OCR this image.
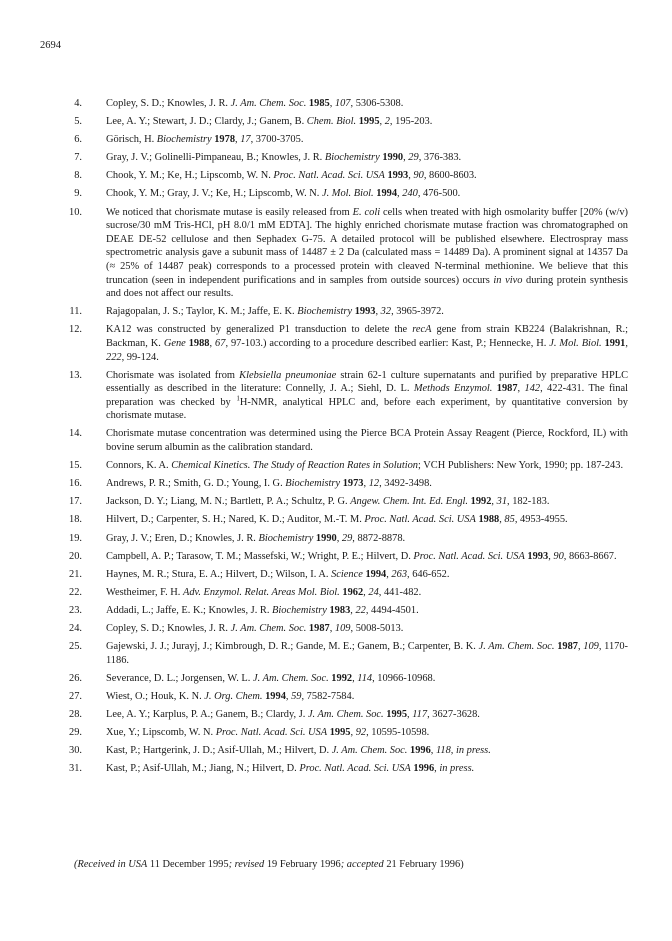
2694
4. Copley, S. D.; Knowles, J. R. J. Am. Chem. Soc. 1985, 107, 5306-5308.
5. Lee, A. Y.; Stewart, J. D.; Clardy, J.; Ganem, B. Chem. Biol. 1995, 2, 195-203.
6. Görisch, H. Biochemistry 1978, 17, 3700-3705.
7. Gray, J. V.; Golinelli-Pimpaneau, B.; Knowles, J. R. Biochemistry 1990, 29, 376-383.
8. Chook, Y. M.; Ke, H.; Lipscomb, W. N. Proc. Natl. Acad. Sci. USA 1993, 90, 8600-8603.
9. Chook, Y. M.; Gray, J. V.; Ke, H.; Lipscomb, W. N. J. Mol. Biol. 1994, 240, 476-500.
10. We noticed that chorismate mutase is easily released from E. coli cells when treated with high osmolarity buffer [20% (w/v) sucrose/30 mM Tris-HCl, pH 8.0/1 mM EDTA]. The highly enriched chorismate mutase fraction was chromatographed on DEAE DE-52 cellulose and then Sephadex G-75. A detailed protocol will be published elsewhere. Electrospray mass spectrometric analysis gave a subunit mass of 14487 ± 2 Da (calculated mass = 14489 Da). A prominent signal at 14357 Da (≈ 25% of 14487 peak) corresponds to a processed protein with cleaved N-terminal methionine. We believe that this truncation (seen in independent purifications and in samples from outside sources) occurs in vivo during protein synthesis and does not affect our results.
11. Rajagopalan, J. S.; Taylor, K. M.; Jaffe, E. K. Biochemistry 1993, 32, 3965-3972.
12. KA12 was constructed by generalized P1 transduction to delete the recA gene from strain KB224 (Balakrishnan, R.; Backman, K. Gene 1988, 67, 97-103.) according to a procedure described earlier: Kast, P.; Hennecke, H. J. Mol. Biol. 1991, 222, 99-124.
13. Chorismate was isolated from Klebsiella pneumoniae strain 62-1 culture supernatants and purified by preparative HPLC essentially as described in the literature: Connelly, J. A.; Siehl, D. L. Methods Enzymol. 1987, 142, 422-431. The final preparation was checked by $^1$H-NMR, analytical HPLC and, before each experiment, by quantitative conversion by chorismate mutase.
14. Chorismate mutase concentration was determined using the Pierce BCA Protein Assay Reagent (Pierce, Rockford, IL) with bovine serum albumin as the calibration standard.
15. Connors, K. A. Chemical Kinetics. The Study of Reaction Rates in Solution; VCH Publishers: New York, 1990; pp. 187-243.
16. Andrews, P. R.; Smith, G. D.; Young, I. G. Biochemistry 1973, 12, 3492-3498.
17. Jackson, D. Y.; Liang, M. N.; Bartlett, P. A.; Schultz, P. G. Angew. Chem. Int. Ed. Engl. 1992, 31, 182-183.
18. Hilvert, D.; Carpenter, S. H.; Nared, K. D.; Auditor, M.-T. M. Proc. Natl. Acad. Sci. USA 1988, 85, 4953-4955.
19. Gray, J. V.; Eren, D.; Knowles, J. R. Biochemistry 1990, 29, 8872-8878.
20. Campbell, A. P.; Tarasow, T. M.; Massefski, W.; Wright, P. E.; Hilvert, D. Proc. Natl. Acad. Sci. USA 1993, 90, 8663-8667.
21. Haynes, M. R.; Stura, E. A.; Hilvert, D.; Wilson, I. A. Science 1994, 263, 646-652.
22. Westheimer, F. H. Adv. Enzymol. Relat. Areas Mol. Biol. 1962, 24, 441-482.
23. Addadi, L.; Jaffe, E. K.; Knowles, J. R. Biochemistry 1983, 22, 4494-4501.
24. Copley, S. D.; Knowles, J. R. J. Am. Chem. Soc. 1987, 109, 5008-5013.
25. Gajewski, J. J.; Jurayj, J.; Kimbrough, D. R.; Gande, M. E.; Ganem, B.; Carpenter, B. K. J. Am. Chem. Soc. 1987, 109, 1170-1186.
26. Severance, D. L.; Jorgensen, W. L. J. Am. Chem. Soc. 1992, 114, 10966-10968.
27. Wiest, O.; Houk, K. N. J. Org. Chem. 1994, 59, 7582-7584.
28. Lee, A. Y.; Karplus, P. A.; Ganem, B.; Clardy, J. J. Am. Chem. Soc. 1995, 117, 3627-3628.
29. Xue, Y.; Lipscomb, W. N. Proc. Natl. Acad. Sci. USA 1995, 92, 10595-10598.
30. Kast, P.; Hartgerink, J. D.; Asif-Ullah, M.; Hilvert, D. J. Am. Chem. Soc. 1996, 118, in press.
31. Kast, P.; Asif-Ullah, M.; Jiang, N.; Hilvert, D. Proc. Natl. Acad. Sci. USA 1996, in press.
(Received in USA 11 December 1995; revised 19 February 1996; accepted 21 February 1996)
